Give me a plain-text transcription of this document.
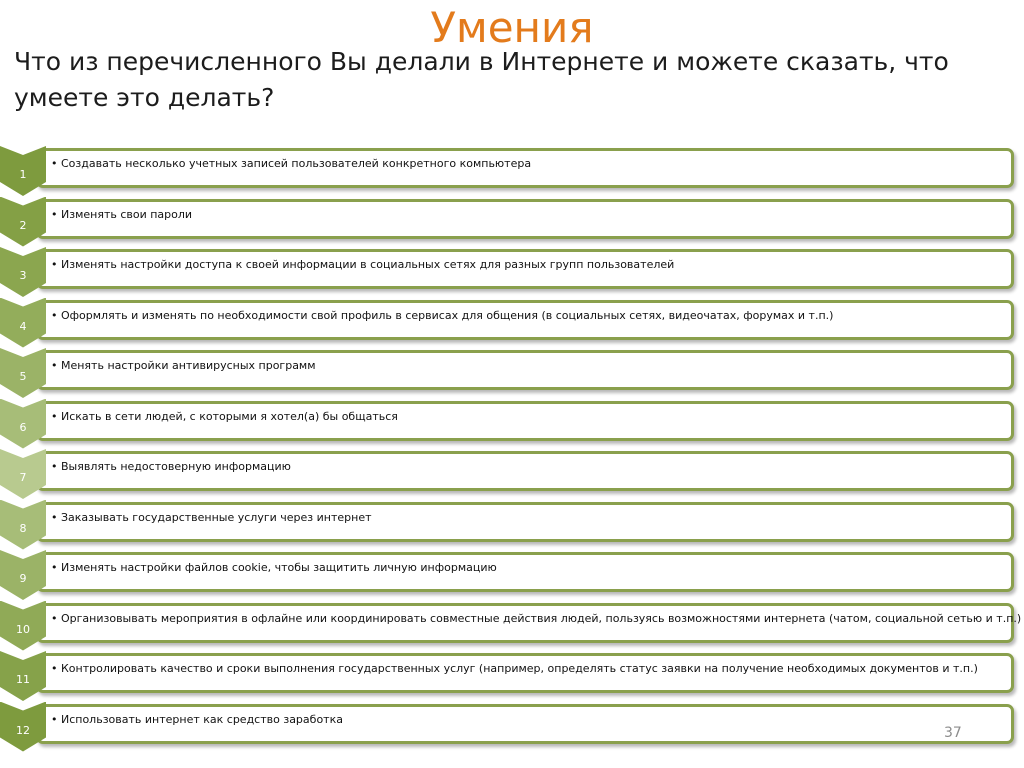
Умения
Что из перечисленного Вы делали в Интернете и можете сказать, что умеете это делать?
• Создавать несколько учетных записей пользователей конкретного компьютера
1
• Изменять свои пароли
2
• Изменять настройки доступа к своей информации в социальных сетях для разных групп пользователей
3
• Оформлять и изменять по необходимости свой профиль в сервисах для общения (в социальных сетях, видеочатах, форумах и т.п.)
4
• Менять настройки антивирусных программ
5
• Искать в сети людей, с которыми я хотел(а) бы общаться
6
• Выявлять недостоверную информацию
7
• Заказывать государственные услуги через интернет
8
• Изменять настройки файлов cookie, чтобы защитить личную информацию
9
• Организовывать мероприятия в офлайне или координировать совместные действия людей, пользуясь возможностями интернета (чатом, социальной сетью и т.п.)
10
• Контролировать качество и сроки выполнения государственных услуг (например, определять статус заявки на получение необходимых документов и т.п.)
11
• Использовать интернет как средство заработка
12	37
